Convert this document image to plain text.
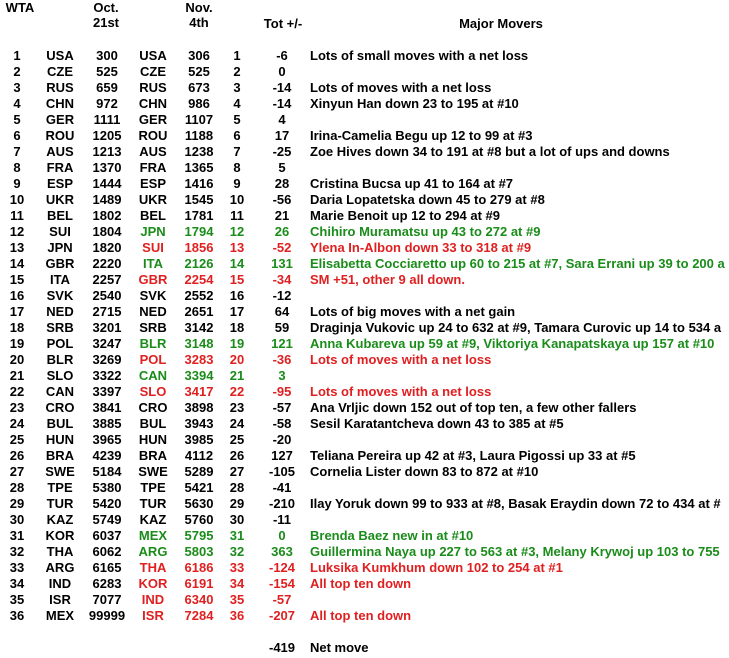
WTA	Oct.
21st
Nov.
4th	Tot +/-	Major Movers
1	USA	300	USA	306	1	-6	Lots of small moves with a net loss
2	CZE	525	CZE	525	2	0
3	RUS	659	RUS	673	3	-14	Lots of moves with a net loss
4	CHN	972	CHN	986	4	-14	Xinyun Han down 23 to 195 at #10
5	GER	1111	GER	1107	5	4
6	ROU	1205	ROU	1188	6	17	Irina-Camelia Begu up 12 to 99 at #3
7	AUS	1213	AUS	1238	7	-25	Zoe Hives down 34 to 191 at #8 but a lot of ups and downs
8	FRA	1370	FRA	1365	8	5
9	ESP	1444	ESP	1416	9	28	Cristina Bucsa up 41 to 164 at #7
10	UKR	1489	UKR	1545	10	-56	Daria Lopatetska down 45 to 279 at #8
11	BEL	1802	BEL	1781	11	21	Marie Benoit up 12 to 294 at #9
12	SUI	1804	JPN	1794	12	26	Chihiro Muramatsu up 43 to 272 at #9
13	JPN	1820	SUI	1856	13	-52	Ylena In-Albon down 33 to 318 at #9
14	GBR	2220	ITA	2126	14	131	Elisabetta Cocciaretto up 60 to 215 at #7, Sara Errani up 39 to 200 a
15	ITA	2257	GBR	2254	15	-34	SM +51, other 9 all down.
16	SVK	2540	SVK	2552	16	-12
17	NED	2715	NED	2651	17	64	Lots of big moves with a net gain
18	SRB	3201	SRB	3142	18	59	Draginja Vukovic up 24 to 632 at #9, Tamara Curovic up 14 to 534 a
19	POL	3247	BLR	3148	19	121	Anna Kubareva up 59 at #9, Viktoriya Kanapatskaya up 157 at #10
20	BLR	3269	POL	3283	20	-36	Lots of moves with a net loss
21	SLO	3322	CAN	3394	21	3
22	CAN	3397	SLO	3417	22	-95	Lots of moves with a net loss
23	CRO	3841	CRO	3898	23	-57	Ana Vrljic down 152 out of top ten, a few other fallers
24	BUL	3885	BUL	3943	24	-58	Sesil Karatantcheva down 43 to 385 at #5
25	HUN	3965	HUN	3985	25	-20
26	BRA	4239	BRA	4112	26	127	Teliana Pereira up 42 at #3, Laura Pigossi up 33 at #5
27	SWE	5184	SWE	5289	27	-105	Cornelia Lister down 83 to 872 at #10
28	TPE	5380	TPE	5421	28	-41
29	TUR	5420	TUR	5630	29	-210	Ilay Yoruk down 99 to 933 at #8, Basak Eraydin down 72 to 434 at #
30	KAZ	5749	KAZ	5760	30	-11
31	KOR	6037	MEX	5795	31	0	Brenda Baez new in at #10
32	THA	6062	ARG	5803	32	363	Guillermina Naya up 227 to 563 at #3, Melany Krywoj up 103 to 755
33	ARG	6165	THA	6186	33	-124	Luksika Kumkhum down 102 to 254 at #1
34	IND	6283	KOR	6191	34	-154	All top ten down
35	ISR	7077	IND	6340	35	-57
36	MEX	99999	ISR	7284	36	-207	All top ten down
-419	Net move
